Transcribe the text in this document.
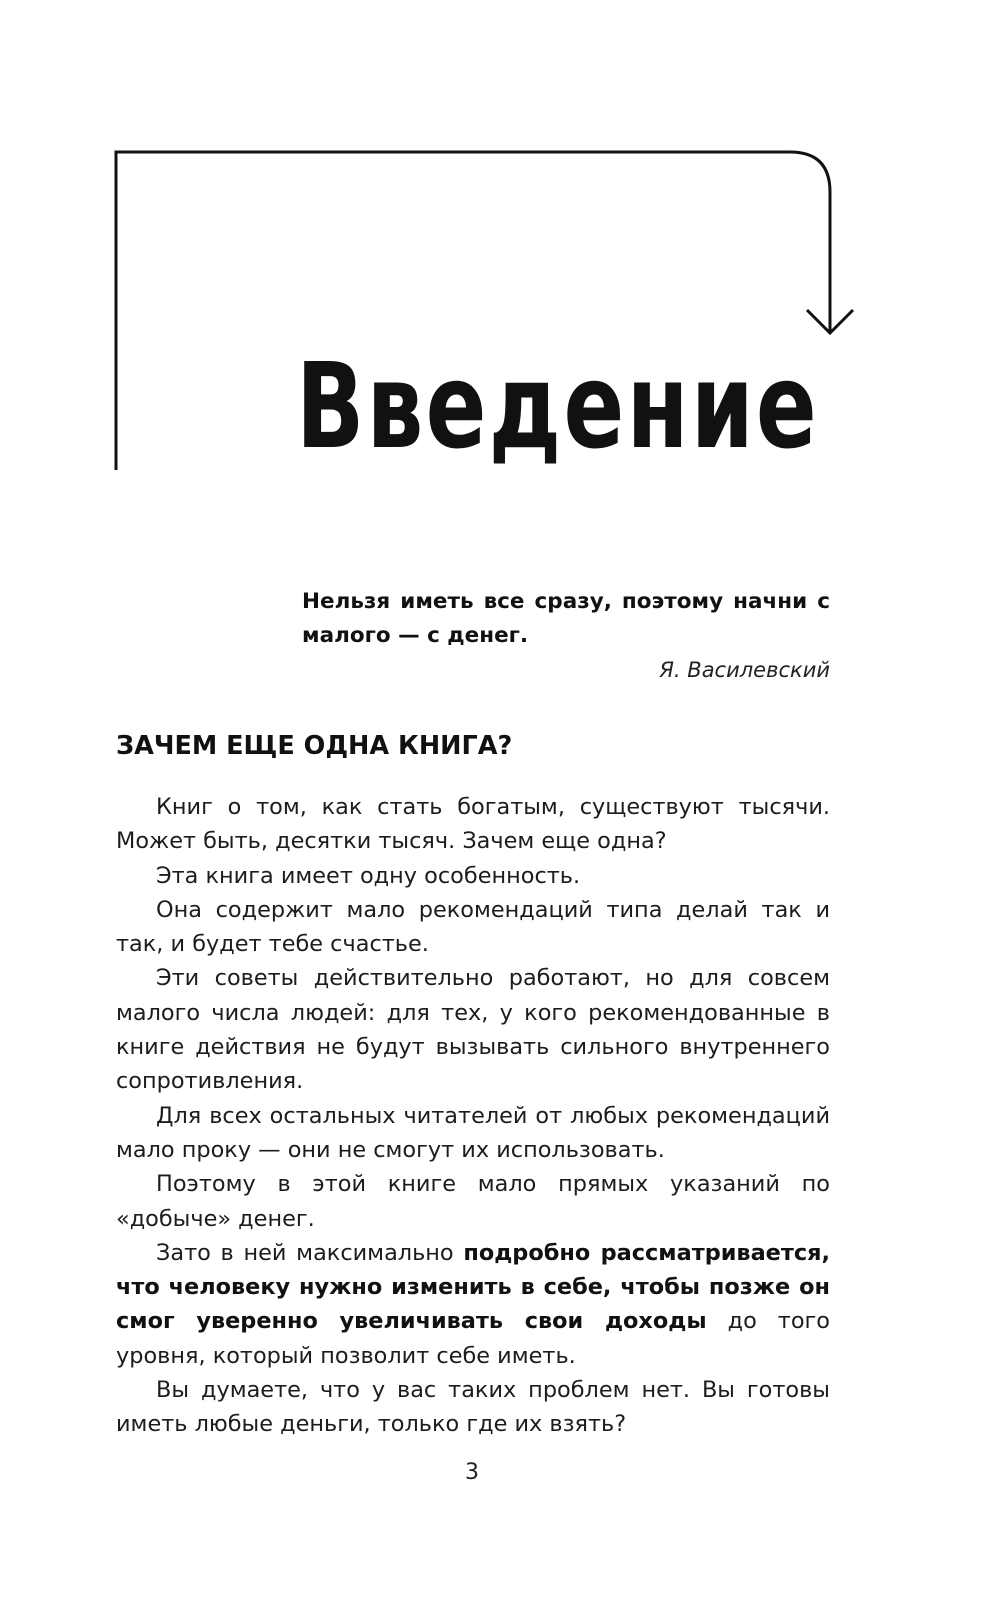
Введение

Нельзя иметь все сразу, поэтому начни с малого — с денег.

Я. Василевский

ЗАЧЕМ ЕЩЕ ОДНА КНИГА?

Книг о том, как стать богатым, существуют тысячи. Может быть, десятки тысяч. Зачем еще одна?

Эта книга имеет одну особенность.

Она содержит мало рекомендаций типа делай так и так, и будет тебе счастье.

Эти советы действительно работают, но для совсем малого числа людей: для тех, у кого рекомендованные в книге действия не будут вызывать сильного внутреннего сопротивления.

Для всех остальных читателей от любых рекомендаций мало проку — они не смогут их использовать.

Поэтому в этой книге мало прямых указаний по «добыче» денег.

Зато в ней максимально подробно рассматривается, что человеку нужно изменить в себе, чтобы позже он смог уверенно увеличивать свои доходы до того уровня, который позволит себе иметь.

Вы думаете, что у вас таких проблем нет. Вы готовы иметь любые деньги, только где их взять?

3
